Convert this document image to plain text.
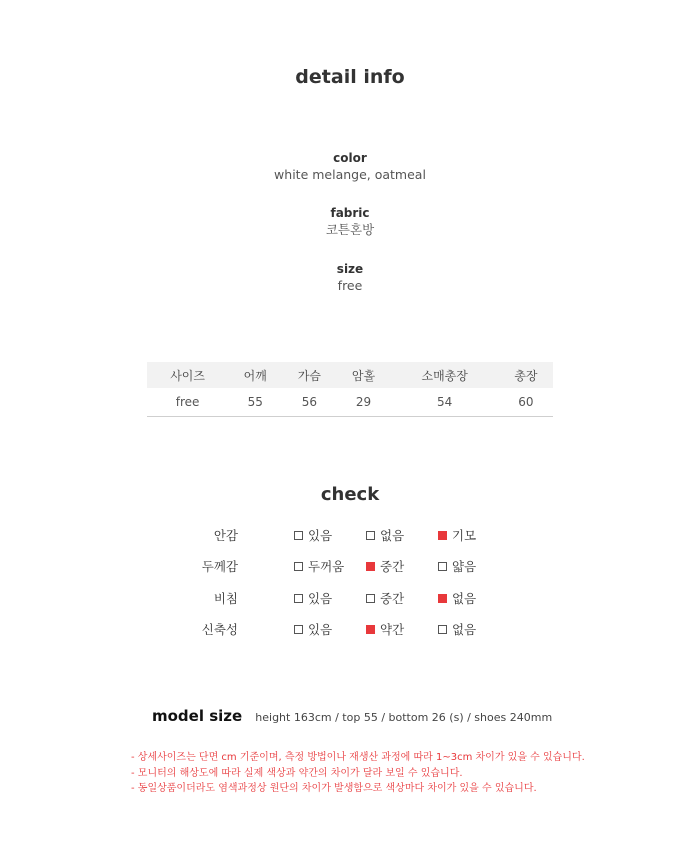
detail info
color
white melange, oatmeal
fabric
코튼혼방
size
free
사이즈	어깨	가슴	암홀	소매총장	총장
free	55	56	29	54	60
check
안감	있음	없음	기모
두께감	두꺼움	중간	얇음
비침	있음	중간	없음
신축성	있음	약간	없음
model size height 163cm / top 55 / bottom 26 (s) / shoes 240mm
- 상세사이즈는 단면 cm 기준이며, 측정 방법이나 재생산 과정에 따라 1~3cm 차이가 있을 수 있습니다.
- 모니터의 해상도에 따라 실제 색상과 약간의 차이가 달라 보일 수 있습니다.
- 동일상품이더라도 염색과정상 원단의 차이가 발생함으로 색상마다 차이가 있을 수 있습니다.
